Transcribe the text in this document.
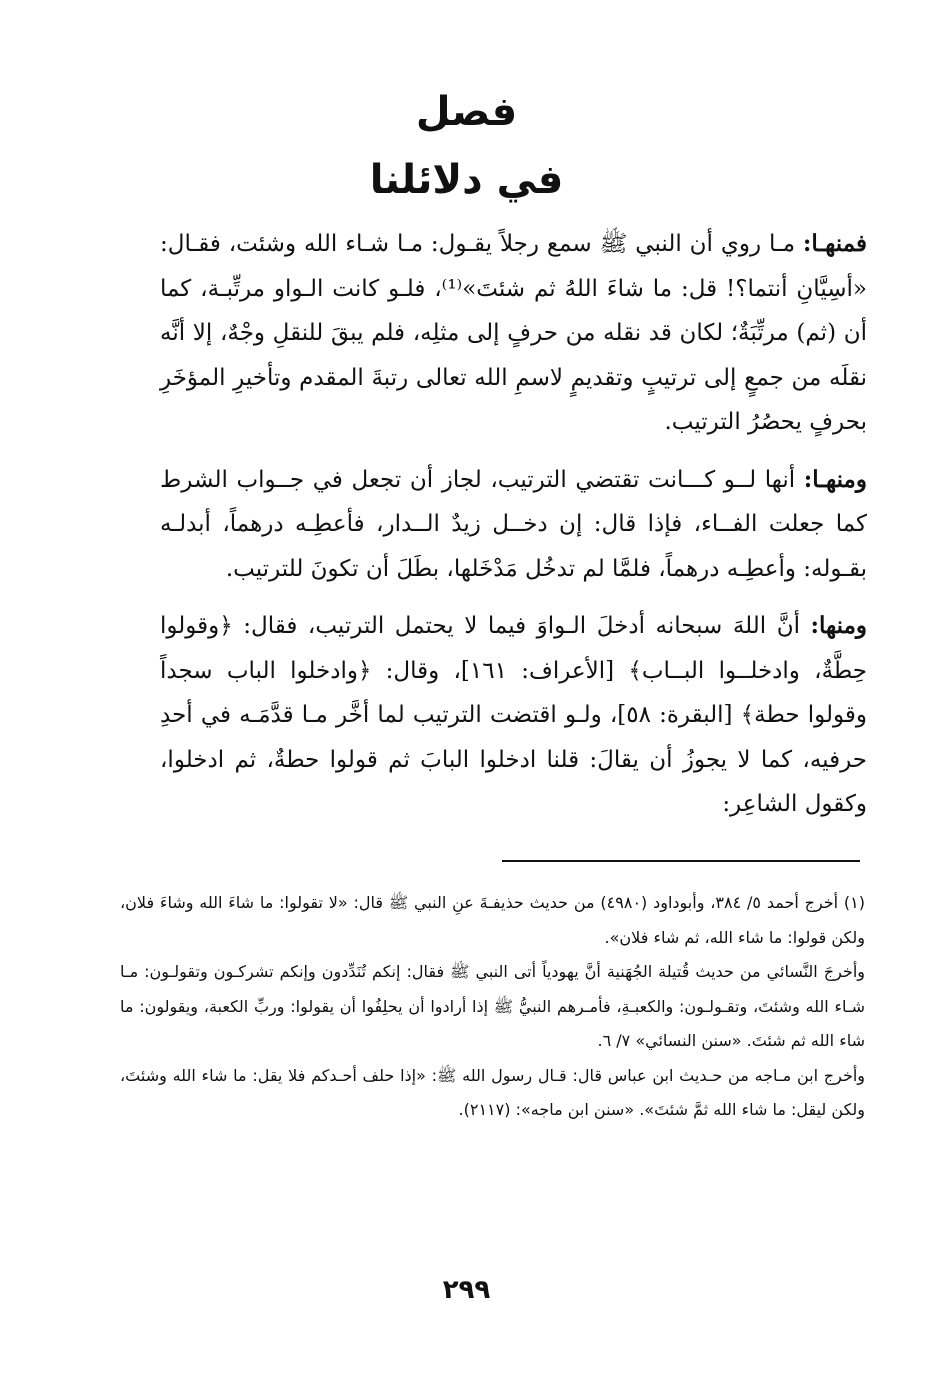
فصل
في دلائلنا

فمنهـا: مـا روي أن النبي ﷺ سمع رجلاً يقـول: مـا شـاء الله وشئت، فقـال: «أسِيَّانِ أنتما؟! قل: ما شاءَ اللهُ ثم شئتَ»⁽¹⁾، فلـو كانت الـواو مرتِّبـة، كما أن (ثم) مرتِّبَةٌ؛ لكان قد نقله من حرفٍ إلى مثلِه، فلم يبقَ للنقلِ وجْهٌ، إلا أنَّه نقلَه من جمعٍ إلى ترتيبٍ وتقديمٍ لاسمِ الله تعالى رتبةَ المقدم وتأخيرِ المؤخَرِ بحرفٍ يحصُرُ الترتيب.

ومنهـا: أنها لــو كـــانت تقتضي الترتيب، لجاز أن تجعل في جــواب الشرط كما جعلت الفــاء، فإذا قال: إن دخــل زيدٌ الــدار، فأعطِـه درهماً، أبدلـه بقـوله: وأعطِـه درهماً، فلمَّا لم تدخُل مَدْخَلها، بطَلَ أن تكونَ للترتيب.

ومنها: أنَّ اللهَ سبحانه أدخلَ الـواوَ فيما لا يحتمل الترتيب، فقال: ﴿وقولوا حِطَّةٌ، وادخلــوا البــاب﴾ [الأعراف: ١٦١]، وقال: ﴿وادخلوا الباب سجداً وقولوا حطة﴾ [البقرة: ٥٨]، ولـو اقتضت الترتيب لما أخَّر مـا قدَّمَـه في أحدِ حرفيه، كما لا يجوزُ أن يقالَ: قلنا ادخلوا البابَ ثم قولوا حطةٌ، ثم ادخلوا، وكقول الشاعِر:

(١) أخرج أحمد ٥/ ٣٨٤، وأبوداود (٤٩٨٠) من حديث حذيفـةَ عنِ النبي ﷺ قال: «لا تقولوا: ما شاءَ الله وشاءَ فلان، ولكن قولوا: ما شاء الله، ثم شاء فلان».

وأخرجَ النَّسائي من حديث قُتيلة الجُهَنية أنَّ يهودياً أتى النبي ﷺ فقال: إنكم تُنَدِّدون وإنكم تشركـون وتقولـون: مـا شـاء الله وشئتَ، وتقـولـون: والكعبـةِ، فأمـرهم النبيُّ ﷺ إذا أرادوا أن يحلِفُوا أن يقولوا: وربِّ الكعبة، ويقولون: ما شاء الله ثم شئتَ. «سنن النسائي» ٧/ ٦.

وأخرج ابن مـاجه من حـديث ابن عباس قال: قـال رسول الله ﷺ: «إذا حلف أحـدكم فلا يقل: ما شاء الله وشئتَ، ولكن ليقل: ما شاء الله ثمَّ شئتَ». «سنن ابن ماجه»: (٢١١٧).

٢٩٩
